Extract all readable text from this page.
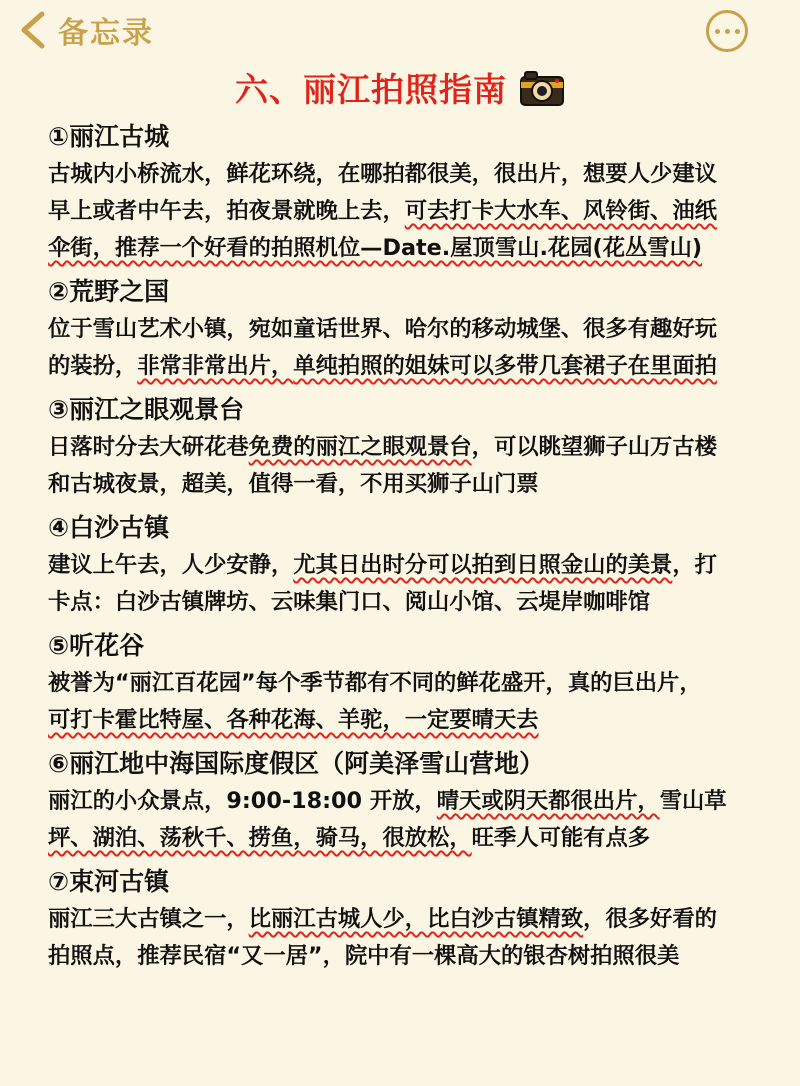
备忘录
六、丽江拍照指南
①丽江古城
古城内小桥流水，鲜花环绕，在哪拍都很美，很出片，想要人少建议
早上或者中午去，拍夜景就晚上去，可去打卡大水车、风铃街、油纸
伞街，推荐一个好看的拍照机位—Date.屋顶雪山.花园(花丛雪山)
②荒野之国
位于雪山艺术小镇，宛如童话世界、哈尔的移动城堡、很多有趣好玩
的装扮，非常非常出片，单纯拍照的姐妹可以多带几套裙子在里面拍
③丽江之眼观景台
日落时分去大研花巷免费的丽江之眼观景台，可以眺望狮子山万古楼
和古城夜景，超美，值得一看，不用买狮子山门票
④白沙古镇
建议上午去，人少安静，尤其日出时分可以拍到日照金山的美景，打
卡点：白沙古镇牌坊、云味集门口、阅山小馆、云堤岸咖啡馆
⑤听花谷
被誉为“丽江百花园”每个季节都有不同的鲜花盛开，真的巨出片，
可打卡霍比特屋、各种花海、羊驼，一定要晴天去
⑥丽江地中海国际度假区（阿美泽雪山营地）
丽江的小众景点，9:00-18:00 开放，晴天或阴天都很出片，雪山草
坪、湖泊、荡秋千、捞鱼，骑马，很放松，旺季人可能有点多
⑦束河古镇
丽江三大古镇之一，比丽江古城人少，比白沙古镇精致，很多好看的
拍照点，推荐民宿“又一居”，院中有一棵高大的银杏树拍照很美
